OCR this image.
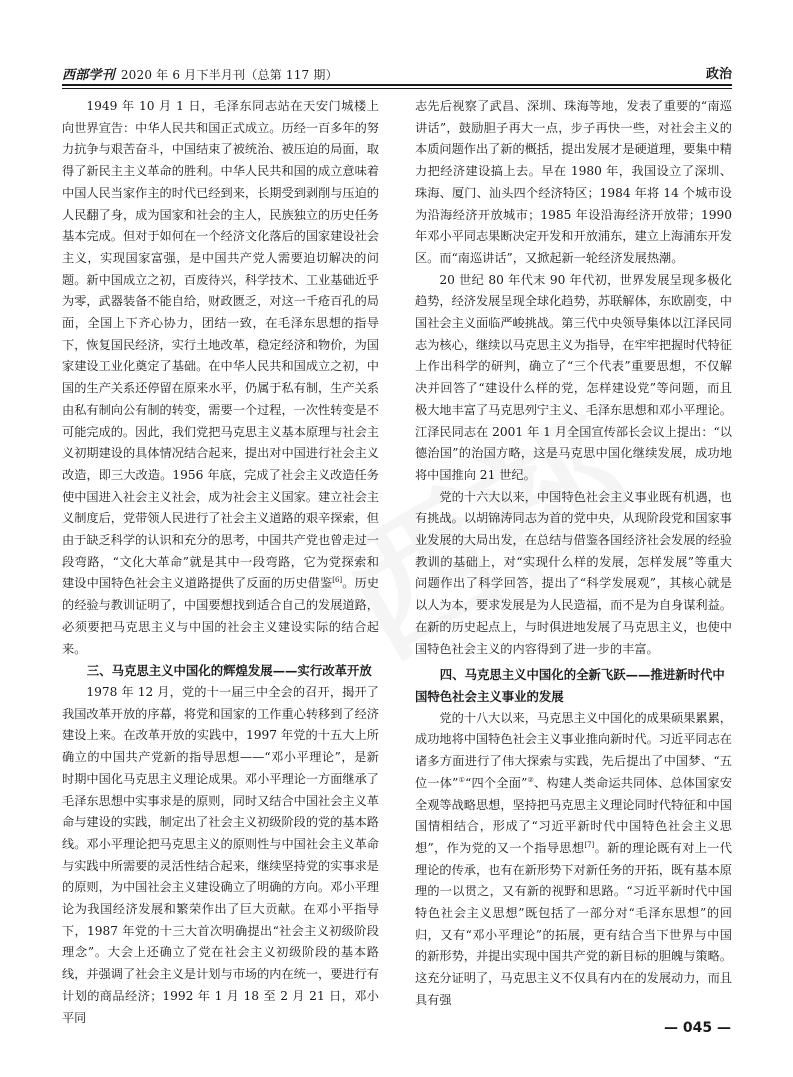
西部学刊 2020 年 6 月下半月刊（总第 117 期）	政治

1949 年 10 月 1 日，毛泽东同志站在天安门城楼上向世界宣告：中华人民共和国正式成立。历经一百多年的努力抗争与艰苦奋斗，中国结束了被统治、被压迫的局面，取得了新民主主义革命的胜利。中华人民共和国的成立意味着中国人民当家作主的时代已经到来，长期受到剥削与压迫的人民翻了身，成为国家和社会的主人，民族独立的历史任务基本完成。但对于如何在一个经济文化落后的国家建设社会主义，实现国家富强，是中国共产党人需要迫切解决的问题。新中国成立之初，百废待兴，科学技术、工业基础近乎为零，武器装备不能自给，财政匮乏，对这一千疮百孔的局面，全国上下齐心协力，团结一致，在毛泽东思想的指导下，恢复国民经济，实行土地改革，稳定经济和物价，为国家建设工业化奠定了基础。在中华人民共和国成立之初，中国的生产关系还停留在原来水平，仍属于私有制，生产关系由私有制向公有制的转变，需要一个过程，一次性转变是不可能完成的。因此，我们党把马克思主义基本原理与社会主义初期建设的具体情况结合起来，提出对中国进行社会主义改造，即三大改造。1956 年底，完成了社会主义改造任务使中国进入社会主义社会，成为社会主义国家。建立社会主义制度后，党带领人民进行了社会主义道路的艰辛探索，但由于缺乏科学的认识和充分的思考，中国共产党也曾走过一段弯路，“文化大革命”就是其中一段弯路，它为党探索和建设中国特色社会主义道路提供了反面的历史借鉴[6]。历史的经验与教训证明了，中国要想找到适合自己的发展道路，必须要把马克思主义与中国的社会主义建设实际的结合起来。

三、马克思主义中国化的辉煌发展——实行改革开放

1978 年 12 月，党的十一届三中全会的召开，揭开了我国改革开放的序幕，将党和国家的工作重心转移到了经济建设上来。在改革开放的实践中，1997 年党的十五大上所确立的中国共产党新的指导思想——“邓小平理论”，是新时期中国化马克思主义理论成果。邓小平理论一方面继承了毛泽东思想中实事求是的原则，同时又结合中国社会主义革命与建设的实践，制定出了社会主义初级阶段的党的基本路线。邓小平理论把马克思主义的原则性与中国社会主义革命与实践中所需要的灵活性结合起来，继续坚持党的实事求是的原则，为中国社会主义建设确立了明确的方向。邓小平理论为我国经济发展和繁荣作出了巨大贡献。在邓小平指导下，1987 年党的十三大首次明确提出“社会主义初级阶段理念”。大会上还确立了党在社会主义初级阶段的基本路线，并强调了社会主义是计划与市场的内在统一，要进行有计划的商品经济；1992 年 1 月 18 至 2 月 21 日，邓小平同

志先后视察了武昌、深圳、珠海等地，发表了重要的“南巡讲话”，鼓励胆子再大一点，步子再快一些，对社会主义的本质问题作出了新的概括，提出发展才是硬道理，要集中精力把经济建设搞上去。早在 1980 年，我国设立了深圳、珠海、厦门、汕头四个经济特区；1984 年将 14 个城市设为沿海经济开放城市；1985 年设沿海经济开放带；1990 年邓小平同志果断决定开发和开放浦东，建立上海浦东开发区。而“南巡讲话”，又掀起新一轮经济发展热潮。

20 世纪 80 年代末 90 年代初，世界发展呈现多极化趋势，经济发展呈现全球化趋势，苏联解体，东欧剧变，中国社会主义面临严峻挑战。第三代中央领导集体以江泽民同志为核心，继续以马克思主义为指导，在牢牢把握时代特征上作出科学的研判，确立了“三个代表”重要思想，不仅解决并回答了“建设什么样的党，怎样建设党”等问题，而且极大地丰富了马克思列宁主义、毛泽东思想和邓小平理论。江泽民同志在 2001 年 1 月全国宣传部长会议上提出：“以德治国”的治国方略，这是马克思中国化继续发展，成功地将中国推向 21 世纪。

党的十六大以来，中国特色社会主义事业既有机遇，也有挑战。以胡锦涛同志为首的党中央，从现阶段党和国家事业发展的大局出发，在总结与借鉴各国经济社会发展的经验教训的基础上，对“实现什么样的发展，怎样发展”等重大问题作出了科学回答，提出了“科学发展观”，其核心就是以人为本，要求发展是为人民造福，而不是为自身谋利益。在新的历史起点上，与时俱进地发展了马克思主义，也使中国特色社会主义的内容得到了进一步的丰富。

四、马克思主义中国化的全新飞跃——推进新时代中国特色社会主义事业的发展

党的十八大以来，马克思主义中国化的成果硕果累累，成功地将中国特色社会主义事业推向新时代。习近平同志在诸多方面进行了伟大探索与实践，先后提出了中国梦、“五位一体”①“四个全面”②、构建人类命运共同体、总体国家安全观等战略思想，坚持把马克思主义理论同时代特征和中国国情相结合，形成了“习近平新时代中国特色社会主义思想”，作为党的又一个指导思想[7]。新的理论既有对上一代理论的传承，也有在新形势下对新任务的开拓，既有基本原理的一以贯之，又有新的视野和思路。“习近平新时代中国特色社会主义思想”既包括了一部分对“毛泽东思想”的回归，又有“邓小平理论”的拓展，更有结合当下世界与中国的新形势，并提出实现中国共产党的新目标的胆魄与策略。这充分证明了，马克思主义不仅具有内在的发展动力，而且具有强

— 045 —
